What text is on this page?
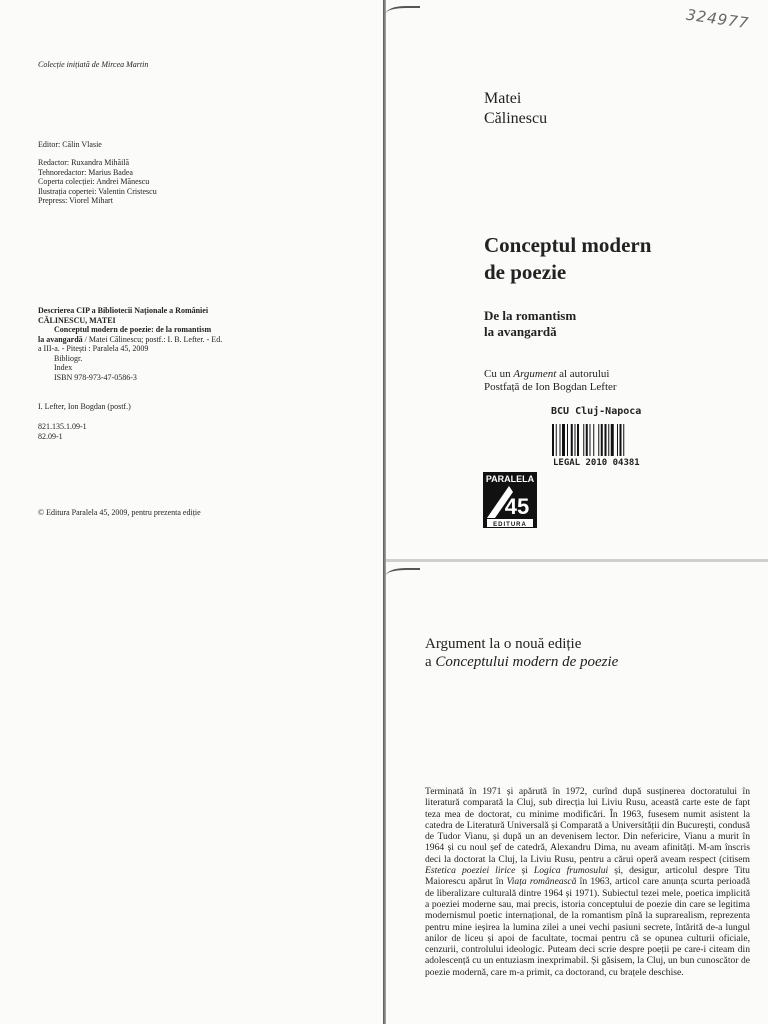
Colecție inițiată de Mircea Martin
Editor: Călin Vlasie
Redactor: Ruxandra Mihăilă
Tehnoredactor: Marius Badea
Coperta colecției: Andrei Mănescu
Ilustrația copertei: Valentin Cristescu
Prepress: Viorel Mihart
Descrierea CIP a Bibliotecii Naționale a României
CĂLINESCU, MATEI
Conceptul modern de poezie: de la romantism
la avangardă / Matei Călinescu; postf.: I. B. Lefter. - Ed.
a III-a. - Pitești : Paralela 45, 2009
Bibliogr.
Index
ISBN 978-973-47-0586-3
I. Lefter, Ion Bogdan (postf.)
821.135.1.09-1
82.09-1
© Editura Paralela 45, 2009, pentru prezenta ediție
324977
Matei
Călinescu
Conceptul modern
de poezie
De la romantism
la avangardă
Cu un Argument al autorului
Postfață de Ion Bogdan Lefter
BCU Cluj-Napoca
LEGAL 2010 04381
PARALELA
45
EDITURA
Argument la o nouă ediție
a Conceptului modern de poezie
Terminată în 1971 și apărută în 1972, curînd după susținerea doctoratului în literatură comparată la Cluj, sub direcția lui Liviu Rusu, această carte este de fapt teza mea de doctorat, cu minime modificări. În 1963, fusesem numit asistent la catedra de Literatură Universală și Comparată a Universității din București, condusă de Tudor Vianu, și după un an devenisem lector. Din nefericire, Vianu a murit în 1964 și cu noul șef de catedră, Alexandru Dima, nu aveam afinități. M-am înscris deci la doctorat la Cluj, la Liviu Rusu, pentru a cărui operă aveam respect (citisem Estetica poeziei lirice și Logica frumosului și, desigur, articolul despre Titu Maiorescu apărut în Viața românească în 1963, articol care anunța scurta perioadă de liberalizare culturală dintre 1964 și 1971). Subiectul tezei mele, poetica implicită a poeziei moderne sau, mai precis, istoria conceptului de poezie din care se legitima modernismul poetic internațional, de la romantism pînă la suprarealism, reprezenta pentru mine ieșirea la lumina zilei a unei vechi pasiuni secrete, întărită de-a lungul anilor de liceu și apoi de facultate, tocmai pentru că se opunea culturii oficiale, cenzurii, controlului ideologic. Puteam deci scrie despre poeții pe care-i citeam din adolescență cu un entuziasm inexprimabil. Și găsisem, la Cluj, un bun cunoscător de poezie modernă, care m-a primit, ca doctorand, cu brațele deschise.
